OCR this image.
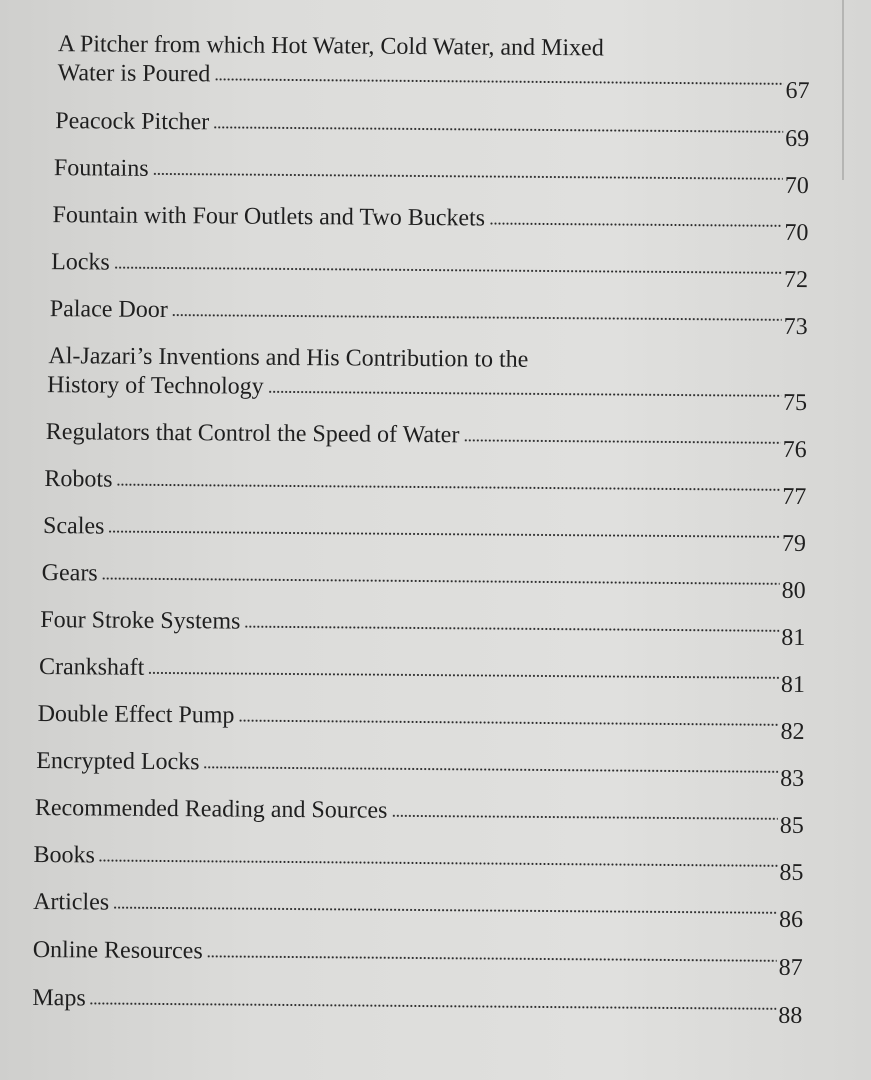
A Pitcher from which Hot Water, Cold Water, and Mixed
Water is Poured
67
Peacock Pitcher
69
Fountains
70
Fountain with Four Outlets and Two Buckets
70
Locks
72
Palace Door
73
Al-Jazari’s Inventions and His Contribution to the
History of Technology
75
Regulators that Control the Speed of Water
76
Robots
77
Scales
79
Gears
80
Four Stroke Systems
81
Crankshaft
81
Double Effect Pump
82
Encrypted Locks
83
Recommended Reading and Sources
85
Books
85
Articles
86
Online Resources
87
Maps
88
